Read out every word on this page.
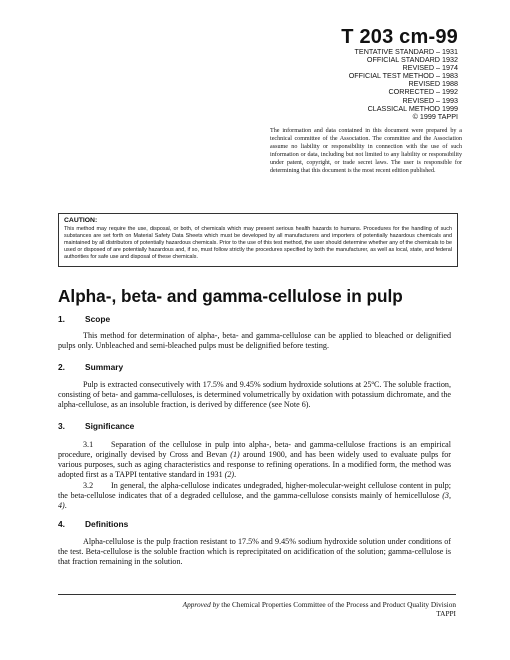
T 203 cm-99
TENTATIVE STANDARD – 1931
OFFICIAL STANDARD 1932
REVISED – 1974
OFFICIAL TEST METHOD – 1983
REVISED 1988
CORRECTED – 1992
REVISED – 1993
CLASSICAL METHOD 1999
© 1999 TAPPI
The information and data contained in this document were prepared by a technical committee of the Association. The committee and the Association assume no liability or responsibility in connection with the use of such information or data, including but not limited to any liability or responsibility under patent, copyright, or trade secret laws. The user is responsible for determining that this document is the most recent edition published.
CAUTION:
This method may require the use, disposal, or both, of chemicals which may present serious health hazards to humans. Procedures for the handling of such substances are set forth on Material Safety Data Sheets which must be developed by all manufacturers and importers of potentially hazardous chemicals and maintained by all distributors of potentially hazardous chemicals. Prior to the use of this test method, the user should determine whether any of the chemicals to be used or disposed of are potentially hazardous and, if so, must follow strictly the procedures specified by both the manufacturer, as well as local, state, and federal authorities for safe use and disposal of these chemicals.
Alpha-, beta- and gamma-cellulose in pulp
1. Scope
This method for determination of alpha-, beta- and gamma-cellulose can be applied to bleached or delignified pulps only. Unbleached and semi-bleached pulps must be delignified before testing.
2. Summary
Pulp is extracted consecutively with 17.5% and 9.45% sodium hydroxide solutions at 25ºC. The soluble fraction, consisting of beta- and gamma-celluloses, is determined volumetrically by oxidation with potassium dichromate, and the alpha-cellulose, as an insoluble fraction, is derived by difference (see Note 6).
3. Significance
3.1 Separation of the cellulose in pulp into alpha-, beta- and gamma-cellulose fractions is an empirical procedure, originally devised by Cross and Bevan (1) around 1900, and has been widely used to evaluate pulps for various purposes, such as aging characteristics and response to refining operations. In a modified form, the method was adopted first as a TAPPI tentative standard in 1931 (2).
3.2 In general, the alpha-cellulose indicates undegraded, higher-molecular-weight cellulose content in pulp; the beta-cellulose indicates that of a degraded cellulose, and the gamma-cellulose consists mainly of hemicellulose (3, 4).
4. Definitions
Alpha-cellulose is the pulp fraction resistant to 17.5% and 9.45% sodium hydroxide solution under conditions of the test. Beta-cellulose is the soluble fraction which is reprecipitated on acidification of the solution; gamma-cellulose is that fraction remaining in the solution.
Approved by the Chemical Properties Committee of the Process and Product Quality Division
TAPPI
